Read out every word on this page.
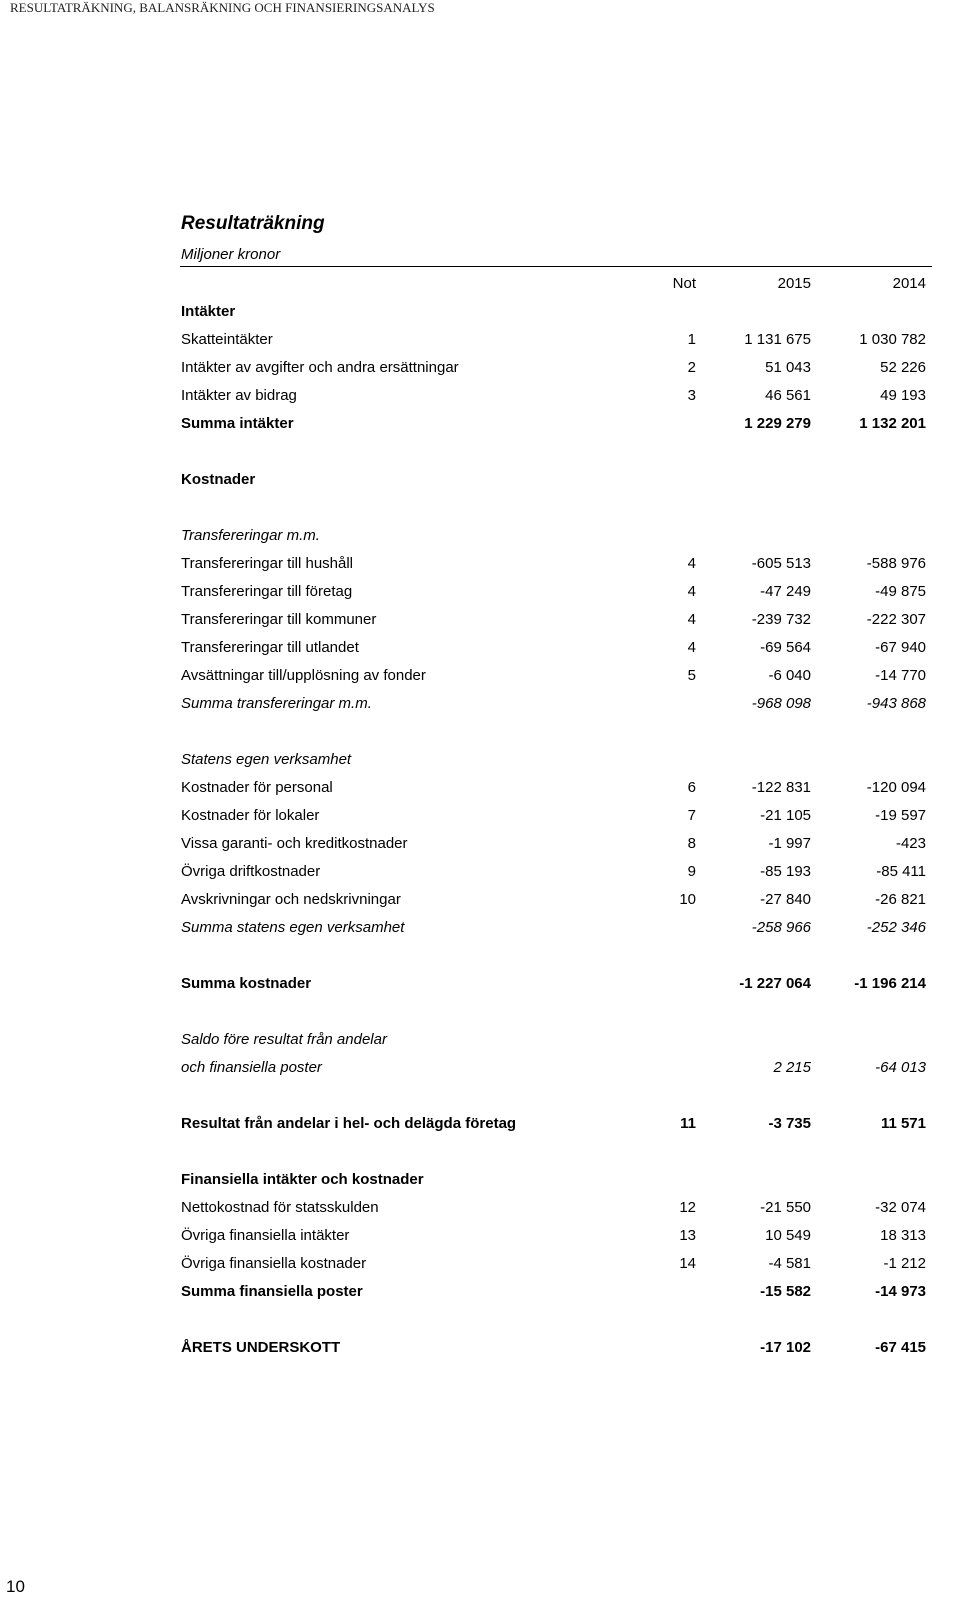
RESULTATRÄKNING, BALANSRÄKNING OCH FINANSIERINGSANALYS
Resultaträkning
Miljoner kronor
Not	2015	2014
Intäkter
Skatteintäkter	1	1 131 675	1 030 782
Intäkter av avgifter och andra ersättningar	2	51 043	52 226
Intäkter av bidrag	3	46 561	49 193
Summa intäkter	1 229 279	1 132 201
Kostnader
Transfereringar m.m.
Transfereringar till hushåll	4	-605 513	-588 976
Transfereringar till företag	4	-47 249	-49 875
Transfereringar till kommuner	4	-239 732	-222 307
Transfereringar till utlandet	4	-69 564	-67 940
Avsättningar till/upplösning av fonder	5	-6 040	-14 770
Summa transfereringar m.m.	-968 098	-943 868
Statens egen verksamhet
Kostnader för personal	6	-122 831	-120 094
Kostnader för lokaler	7	-21 105	-19 597
Vissa garanti- och kreditkostnader	8	-1 997	-423
Övriga driftkostnader	9	-85 193	-85 411
Avskrivningar och nedskrivningar	10	-27 840	-26 821
Summa statens egen verksamhet	-258 966	-252 346
Summa kostnader	-1 227 064	-1 196 214
Saldo före resultat från andelar
och finansiella poster	2 215	-64 013
Resultat från andelar i hel- och delägda företag	11	-3 735	11 571
Finansiella intäkter och kostnader
Nettokostnad för statsskulden	12	-21 550	-32 074
Övriga finansiella intäkter	13	10 549	18 313
Övriga finansiella kostnader	14	-4 581	-1 212
Summa finansiella poster	-15 582	-14 973
ÅRETS UNDERSKOTT	-17 102	-67 415
10
